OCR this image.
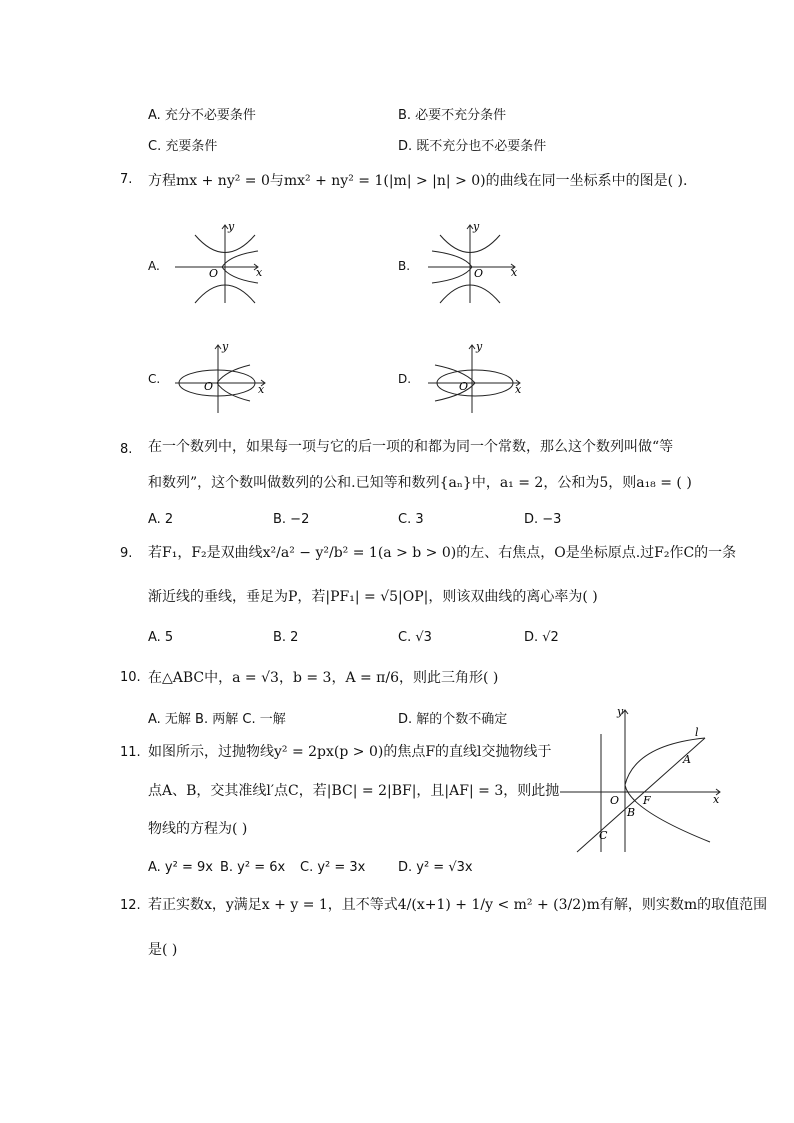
A. 充分不必要条件	B. 必要不充分条件
C. 充要条件	D. 既不充分也不必要条件
7. 方程mx + ny² = 0与mx² + ny² = 1(|m| > |n| > 0)的曲线在同一坐标系中的图是( ).
A.	B.
C.	D.
y
x
O
y
x
O
y
x
O
y
x
O
8. 在一个数列中，如果每一项与它的后一项的和都为同一个常数，那么这个数列叫做“等
和数列”，这个数叫做数列的公和.已知等和数列{aₙ}中，a₁ = 2，公和为5，则a₁₈ = ( )
A. 2	B. −2	C. 3	D. −3
9. 若F₁，F₂是双曲线x²/a² − y²/b² = 1(a > b > 0)的左、右焦点，O是坐标原点.过F₂作C的一条
渐近线的垂线，垂足为P，若|PF₁| = √5|OP|，则该双曲线的离心率为( )
A. 5	B. 2	C. √3	D. √2
10. 在△ABC中，a = √3，b = 3，A = π/6，则此三角形( )
A. 无解 B. 两解 C. 一解	D. 解的个数不确定
11. 如图所示，过抛物线y² = 2px(p > 0)的焦点F的直线l交抛物线于
点A、B，交其准线l′点C，若|BC| = 2|BF|，且|AF| = 3，则此抛
物线的方程为( )
A. y² = 9x B. y² = 6x C. y² = 3x	D. y² = √3x
y
l
A
O F	x
B
C
12. 若正实数x，y满足x + y = 1，且不等式4/(x+1) + 1/y < m² + (3/2)m有解，则实数m的取值范围
是( )
